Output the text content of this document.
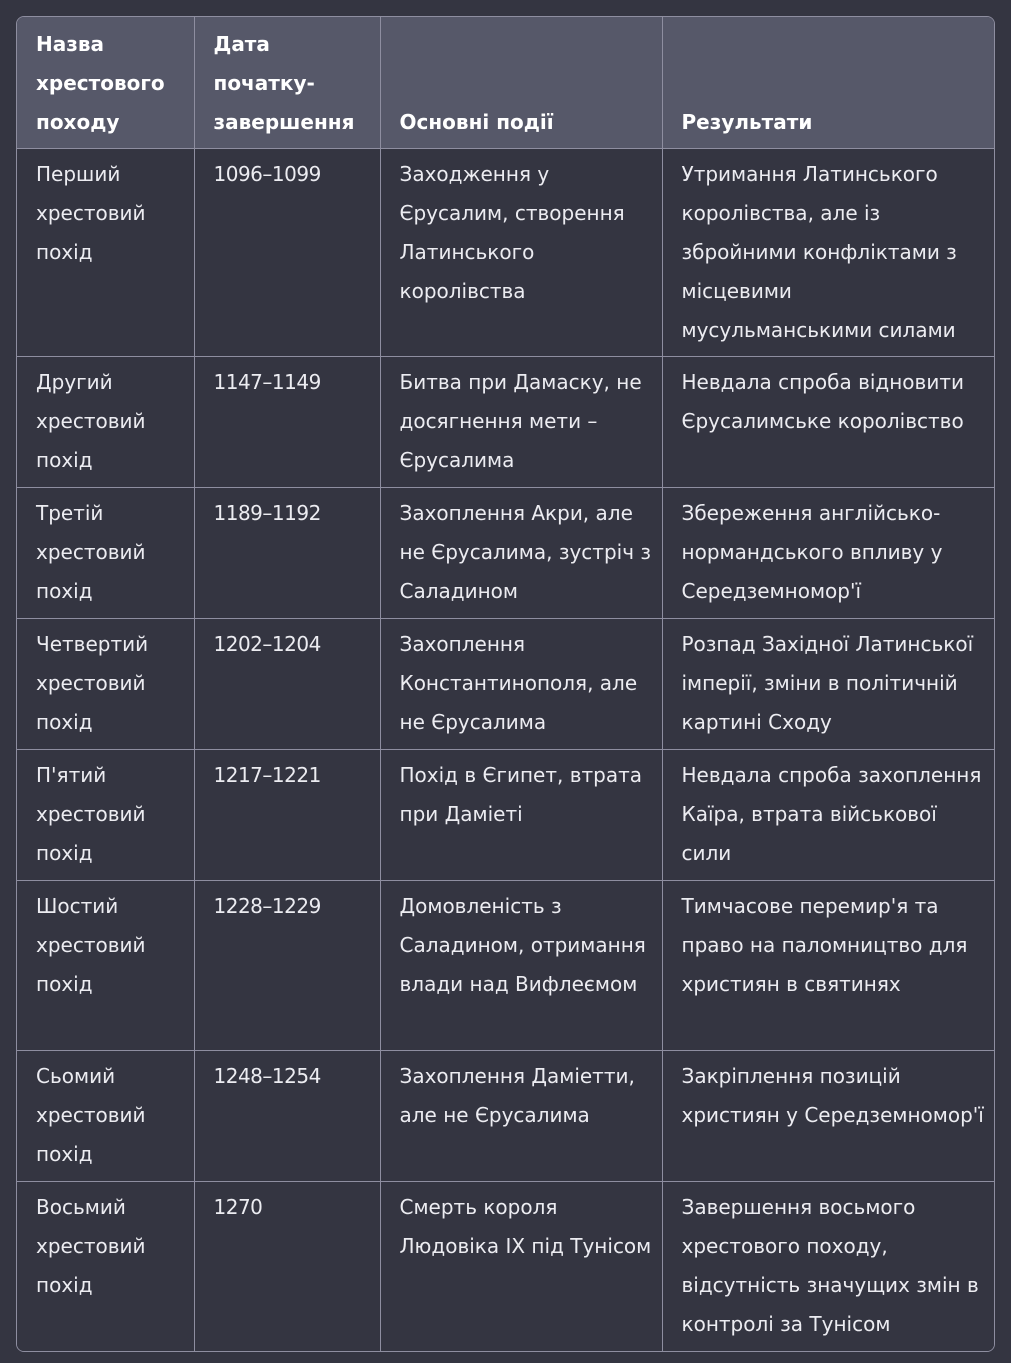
Назва хрестового походу	Дата початку-завершення	Основні події	Результати
Перший хрестовий похід	1096–1099	Заходження у Єрусалим, створення Латинського королівства	Утримання Латинського королівства, але із збройними конфліктами з місцевими мусульманськими силами
Другий хрестовий похід	1147–1149	Битва при Дамаску, не досягнення мети – Єрусалима	Невдала спроба відновити Єрусалимське королівство
Третій хрестовий похід	1189–1192	Захоплення Акри, але не Єрусалима, зустріч з Саладином	Збереження англійсько-нормандського впливу у Середземномор'ї
Четвертий хрестовий похід	1202–1204	Захоплення Константинополя, але не Єрусалима	Розпад Західної Латинської імперії, зміни в політичній картині Сходу
П'ятий хрестовий похід	1217–1221	Похід в Єгипет, втрата при Даміеті	Невдала спроба захоплення Каїра, втрата військової сили
Шостий хрестовий похід	1228–1229	Домовленість з Саладином, отримання влади над Вифлеємом	Тимчасове перемир'я та право на паломництво для християн в святинях
Сьомий хрестовий похід	1248–1254	Захоплення Даміетти, але не Єрусалима	Закріплення позицій християн у Середземномор'ї
Восьмий хрестовий похід	1270	Смерть короля Людовіка IX під Тунісом	Завершення восьмого хрестового походу, відсутність значущих змін в контролі за Тунісом
